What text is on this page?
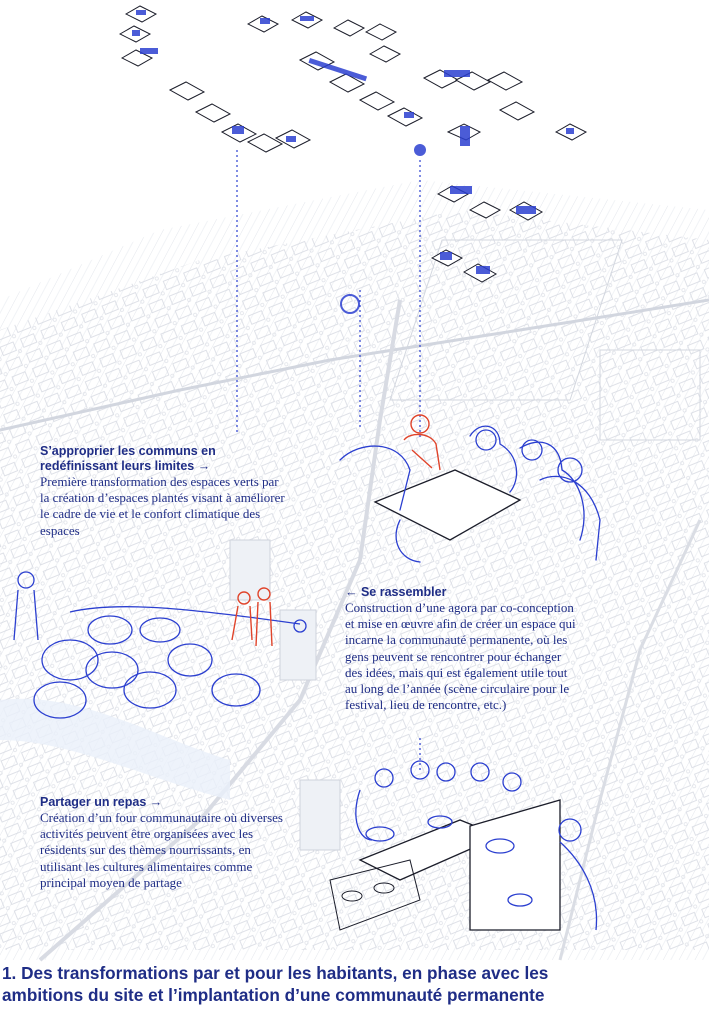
S’approprier les communs en
redéfinissant leurs limites →
Première transformation des espaces verts par la création d’espaces plantés visant à améliorer le cadre de vie et le confort climatique des espaces
← Se rassembler
Construction d’une agora par co-conception et mise en œuvre afin de créer un espace qui incarne la communauté permanente, où les gens peuvent se rencontrer pour échanger des idées, mais qui est également utile tout au long de l’année (scène circulaire pour le festival, lieu de rencontre, etc.)
Partager un repas →
Création d’un four communautaire où diverses activités peuvent être organisées avec les résidents sur des thèmes nourrissants, en utilisant les cultures alimentaires comme principal moyen de partage
1. Des transformations par et pour les habitants, en phase avec les
ambitions du site et l’implantation d’une communauté permanente
